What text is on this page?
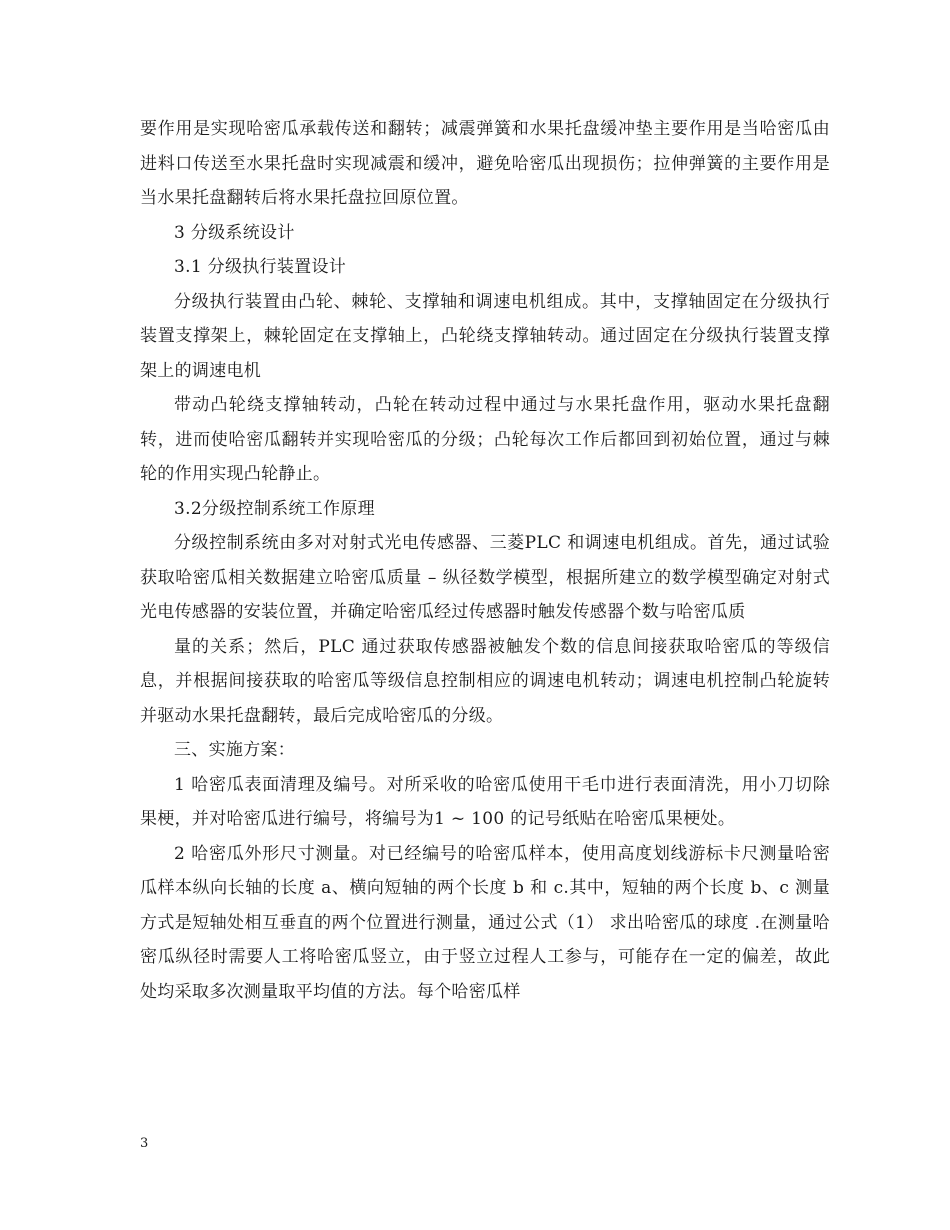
要作用是实现哈密瓜承载传送和翻转；减震弹簧和水果托盘缓冲垫主要作用是当哈密瓜由进料口传送至水果托盘时实现减震和缓冲，避免哈密瓜出现损伤；拉伸弹簧的主要作用是当水果托盘翻转后将水果托盘拉回原位置。

3 分级系统设计

3.1 分级执行装置设计

分级执行装置由凸轮、棘轮、支撑轴和调速电机组成。其中，支撑轴固定在分级执行装置支撑架上，棘轮固定在支撑轴上，凸轮绕支撑轴转动。通过固定在分级执行装置支撑架上的调速电机

带动凸轮绕支撑轴转动，凸轮在转动过程中通过与水果托盘作用，驱动水果托盘翻转，进而使哈密瓜翻转并实现哈密瓜的分级；凸轮每次工作后都回到初始位置，通过与棘轮的作用实现凸轮静止。

3.2分级控制系统工作原理

分级控制系统由多对对射式光电传感器、三菱PLC 和调速电机组成。首先，通过试验获取哈密瓜相关数据建立哈密瓜质量 – 纵径数学模型，根据所建立的数学模型确定对射式光电传感器的安装位置，并确定哈密瓜经过传感器时触发传感器个数与哈密瓜质

量的关系；然后，PLC 通过获取传感器被触发个数的信息间接获取哈密瓜的等级信息，并根据间接获取的哈密瓜等级信息控制相应的调速电机转动；调速电机控制凸轮旋转并驱动水果托盘翻转，最后完成哈密瓜的分级。

三、实施方案：

1 哈密瓜表面清理及编号。对所采收的哈密瓜使用干毛巾进行表面清洗，用小刀切除果梗，并对哈密瓜进行编号，将编号为1 ~ 100 的记号纸贴在哈密瓜果梗处。

2 哈密瓜外形尺寸测量。对已经编号的哈密瓜样本，使用高度划线游标卡尺测量哈密瓜样本纵向长轴的长度 a、横向短轴的两个长度 b 和 c.其中，短轴的两个长度 b、c 测量方式是短轴处相互垂直的两个位置进行测量，通过公式（1） 求出哈密瓜的球度 .在测量哈密瓜纵径时需要人工将哈密瓜竖立，由于竖立过程人工参与，可能存在一定的偏差，故此处均采取多次测量取平均值的方法。每个哈密瓜样

3
